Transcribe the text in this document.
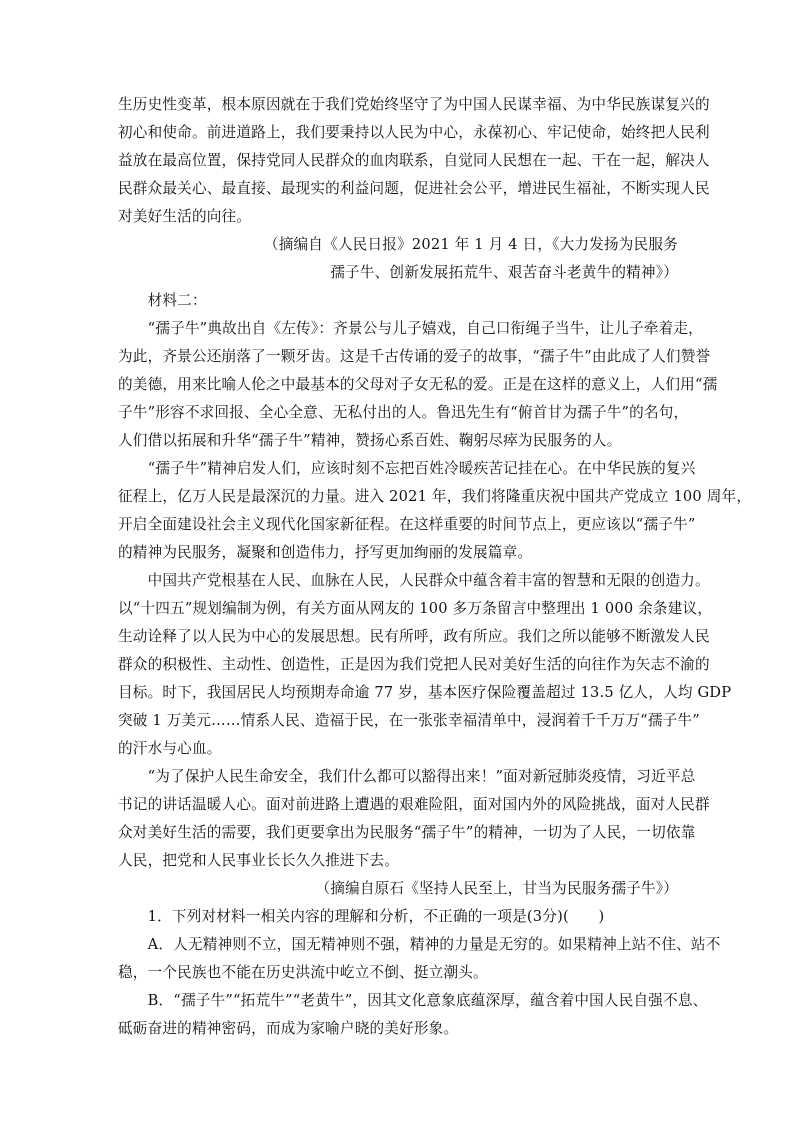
生历史性变革，根本原因就在于我们党始终坚守了为中国人民谋幸福、为中华民族谋复兴的
初心和使命。前进道路上，我们要秉持以人民为中心，永葆初心、牢记使命，始终把人民利
益放在最高位置，保持党同人民群众的血肉联系，自觉同人民想在一起、干在一起，解决人
民群众最关心、最直接、最现实的利益问题，促进社会公平，增进民生福祉，不断实现人民
对美好生活的向往。
（摘编自《人民日报》2021 年 1 月 4 日，《大力发扬为民服务
孺子牛、创新发展拓荒牛、艰苦奋斗老黄牛的精神》）
　　材料二：
　　“孺子牛”典故出自《左传》：齐景公与儿子嬉戏，自己口衔绳子当牛，让儿子牵着走，
为此，齐景公还崩落了一颗牙齿。这是千古传诵的爱子的故事，“孺子牛”由此成了人们赞誉
的美德，用来比喻人伦之中最基本的父母对子女无私的爱。正是在这样的意义上，人们用“孺
子牛”形容不求回报、全心全意、无私付出的人。鲁迅先生有“俯首甘为孺子牛”的名句，
人们借以拓展和升华“孺子牛”精神，赞扬心系百姓、鞠躬尽瘁为民服务的人。
　　“孺子牛”精神启发人们，应该时刻不忘把百姓冷暖疾苦记挂在心。在中华民族的复兴
征程上，亿万人民是最深沉的力量。进入 2021 年，我们将隆重庆祝中国共产党成立 100 周年，
开启全面建设社会主义现代化国家新征程。在这样重要的时间节点上，更应该以“孺子牛”
的精神为民服务，凝聚和创造伟力，抒写更加绚丽的发展篇章。
　　中国共产党根基在人民、血脉在人民，人民群众中蕴含着丰富的智慧和无限的创造力。
以“十四五”规划编制为例，有关方面从网友的 100 多万条留言中整理出 1 000 余条建议，
生动诠释了以人民为中心的发展思想。民有所呼，政有所应。我们之所以能够不断激发人民
群众的积极性、主动性、创造性，正是因为我们党把人民对美好生活的向往作为矢志不渝的
目标。时下，我国居民人均预期寿命逾 77 岁，基本医疗保险覆盖超过 13.5 亿人，人均 GDP
突破 1 万美元……情系人民、造福于民，在一张张幸福清单中，浸润着千千万万“孺子牛”
的汗水与心血。
　　“为了保护人民生命安全，我们什么都可以豁得出来！”面对新冠肺炎疫情，习近平总
书记的讲话温暖人心。面对前进路上遭遇的艰难险阻，面对国内外的风险挑战，面对人民群
众对美好生活的需要，我们更要拿出为民服务“孺子牛”的精神，一切为了人民，一切依靠
人民，把党和人民事业长长久久推进下去。
（摘编自原石《坚持人民至上，甘当为民服务孺子牛》）
　　1．下列对材料一相关内容的理解和分析，不正确的一项是(3分)(　　)
　　A．人无精神则不立，国无精神则不强，精神的力量是无穷的。如果精神上站不住、站不
稳，一个民族也不能在历史洪流中屹立不倒、挺立潮头。
　　B．“孺子牛”“拓荒牛”“老黄牛”，因其文化意象底蕴深厚，蕴含着中国人民自强不息、
砥砺奋进的精神密码，而成为家喻户晓的美好形象。
